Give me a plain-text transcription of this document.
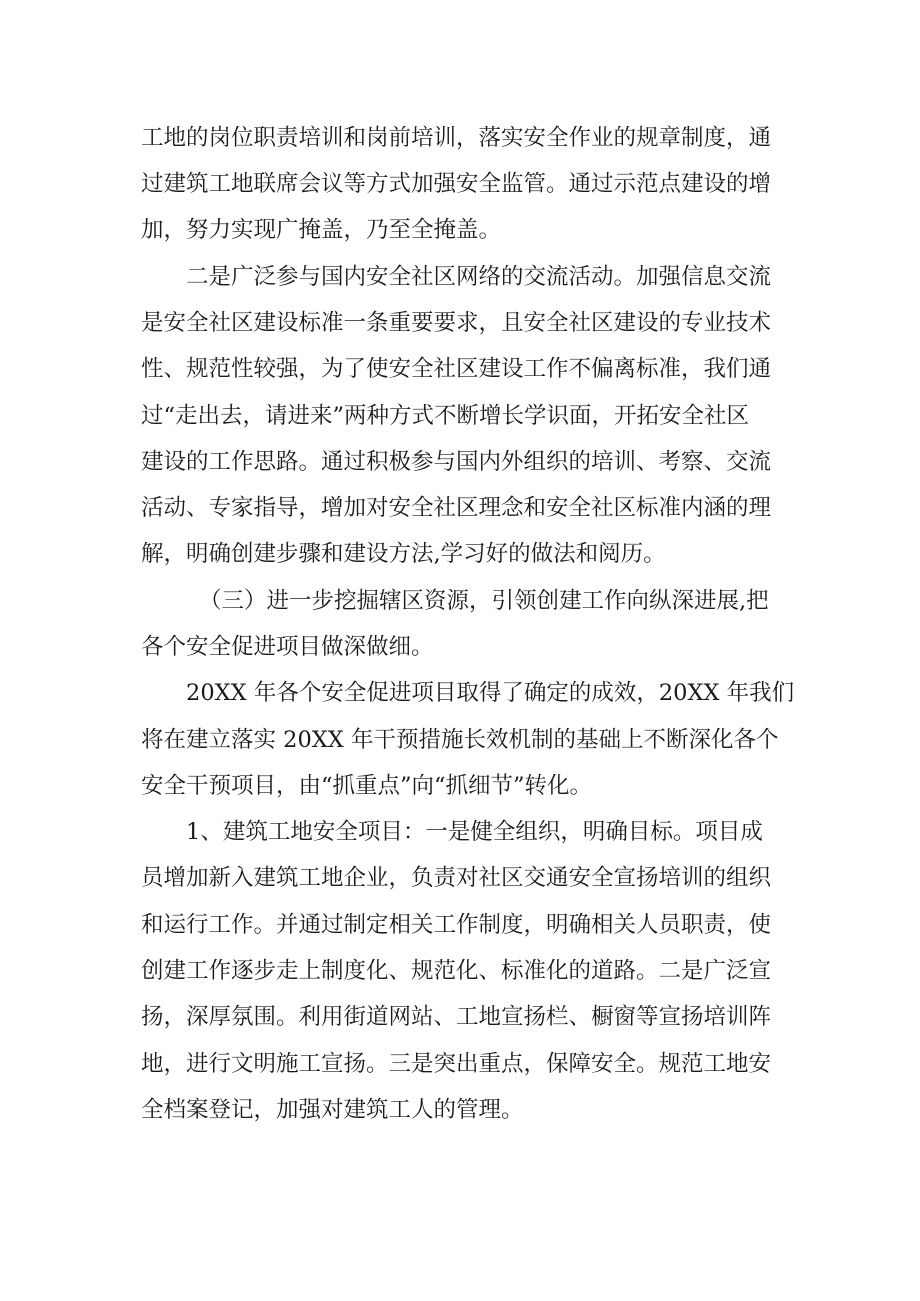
工地的岗位职责培训和岗前培训，落实安全作业的规章制度，通
过建筑工地联席会议等方式加强安全监管。通过示范点建设的增
加，努力实现广掩盖，乃至全掩盖。
二是广泛参与国内安全社区网络的交流活动。加强信息交流
是安全社区建设标准一条重要要求，且安全社区建设的专业技术
性、规范性较强，为了使安全社区建设工作不偏离标准，我们通
过“走出去，请进来”两种方式不断增长学识面，开拓安全社区
建设的工作思路。通过积极参与国内外组织的培训、考察、交流
活动、专家指导，增加对安全社区理念和安全社区标准内涵的理
解，明确创建步骤和建设方法,学习好的做法和阅历。
（三）进一步挖掘辖区资源，引领创建工作向纵深进展,把
各个安全促进项目做深做细。
20XX 年各个安全促进项目取得了确定的成效，20XX 年我们
将在建立落实 20XX 年干预措施长效机制的基础上不断深化各个
安全干预项目，由“抓重点”向“抓细节”转化。
1、建筑工地安全项目：一是健全组织，明确目标。项目成
员增加新入建筑工地企业，负责对社区交通安全宣扬培训的组织
和运行工作。并通过制定相关工作制度，明确相关人员职责，使
创建工作逐步走上制度化、规范化、标准化的道路。二是广泛宣
扬，深厚氛围。利用街道网站、工地宣扬栏、橱窗等宣扬培训阵
地，进行文明施工宣扬。三是突出重点，保障安全。规范工地安
全档案登记，加强对建筑工人的管理。
